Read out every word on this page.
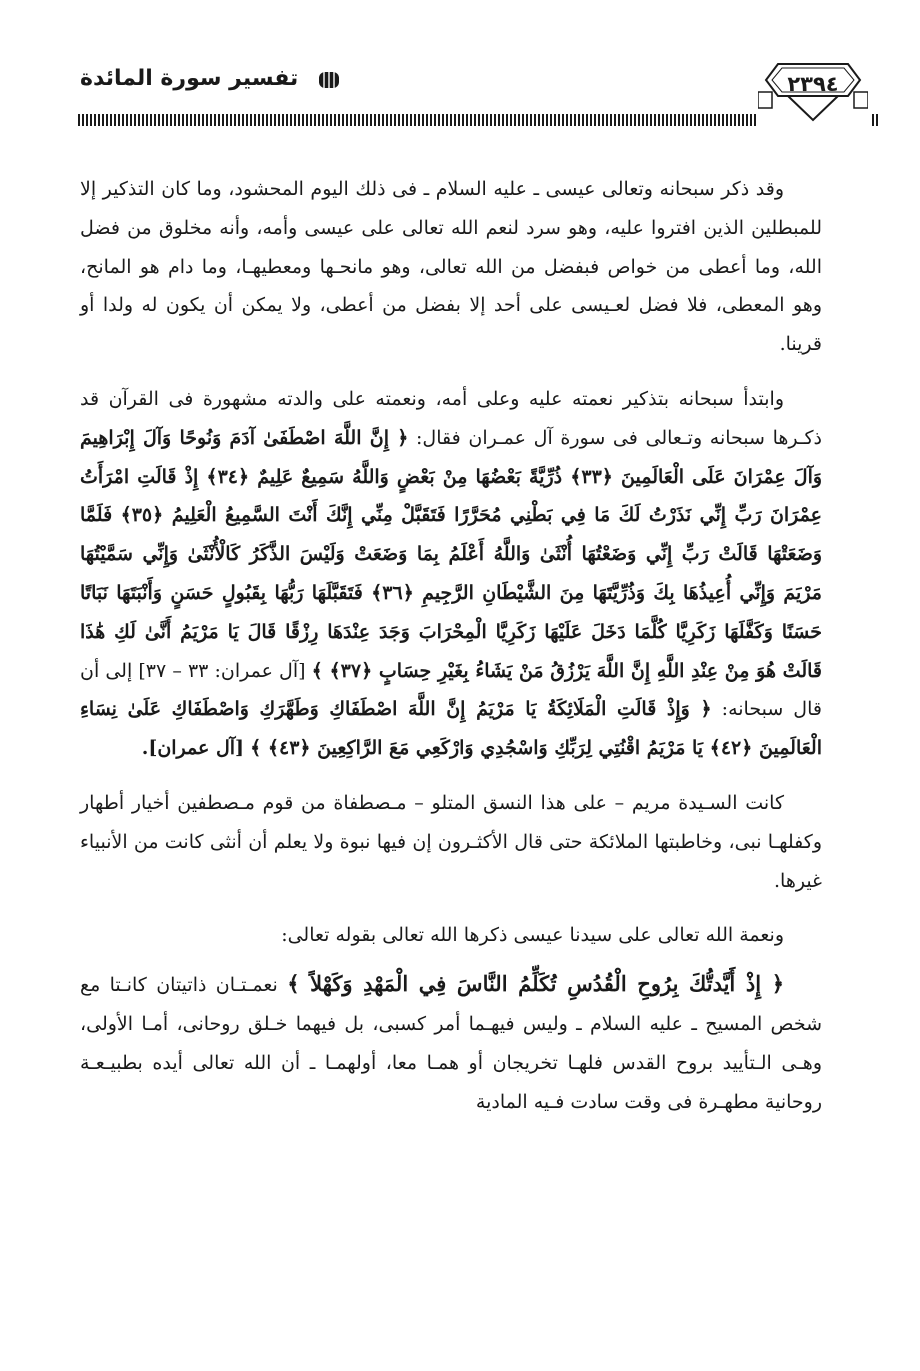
٢٣٩٤
تفسير سورة المائدة

وقد ذكر سبحانه وتعالى عيسى ـ عليه السلام ـ فى ذلك اليوم المحشود، وما كان التذكير إلا للمبطلين الذين افتروا عليه، وهو سرد لنعم الله تعالى على عيسى وأمه، وأنه مخلوق من فضل الله، وما أعطى من خواص فبفضل من الله تعالى، وهو مانحـها ومعطيهـا، وما دام هو المانح، وهو المعطى، فلا فضل لعـيسى على أحد إلا بفضل من أعطى، ولا يمكن أن يكون له ولدا أو قرينا.

وابتدأ سبحانه بتذكير نعمته عليه وعلى أمه، ونعمته على والدته مشهورة فى القرآن قد ذكـرها سبحانه وتـعالى فى سورة آل عمـران فقال: ﴿ إِنَّ اللَّهَ اصْطَفَىٰ آدَمَ وَنُوحًا وَآلَ إِبْرَاهِيمَ وَآلَ عِمْرَانَ عَلَى الْعَالَمِينَ ﴿٣٣﴾ ذُرِّيَّةً بَعْضُهَا مِنْ بَعْضٍ وَاللَّهُ سَمِيعٌ عَلِيمٌ ﴿٣٤﴾ إِذْ قَالَتِ امْرَأَتُ عِمْرَانَ رَبِّ إِنِّي نَذَرْتُ لَكَ مَا فِي بَطْنِي مُحَرَّرًا فَتَقَبَّلْ مِنِّي إِنَّكَ أَنْتَ السَّمِيعُ الْعَلِيمُ ﴿٣٥﴾ فَلَمَّا وَضَعَتْهَا قَالَتْ رَبِّ إِنِّي وَضَعْتُهَا أُنْثَىٰ وَاللَّهُ أَعْلَمُ بِمَا وَضَعَتْ وَلَيْسَ الذَّكَرُ كَالْأُنْثَىٰ وَإِنِّي سَمَّيْتُهَا مَرْيَمَ وَإِنِّي أُعِيذُهَا بِكَ وَذُرِّيَّتَهَا مِنَ الشَّيْطَانِ الرَّجِيمِ ﴿٣٦﴾ فَتَقَبَّلَهَا رَبُّهَا بِقَبُولٍ حَسَنٍ وَأَنْبَتَهَا نَبَاتًا حَسَنًا وَكَفَّلَهَا زَكَرِيَّا كُلَّمَا دَخَلَ عَلَيْهَا زَكَرِيَّا الْمِحْرَابَ وَجَدَ عِنْدَهَا رِزْقًا قَالَ يَا مَرْيَمُ أَنَّىٰ لَكِ هَٰذَا قَالَتْ هُوَ مِنْ عِنْدِ اللَّهِ إِنَّ اللَّهَ يَرْزُقُ مَنْ يَشَاءُ بِغَيْرِ حِسَابٍ ﴿٣٧﴾ ﴾ [آل عمران: ٣٣ – ٣٧] إلى أن قال سبحانه: ﴿ وَإِذْ قَالَتِ الْمَلَائِكَةُ يَا مَرْيَمُ إِنَّ اللَّهَ اصْطَفَاكِ وَطَهَّرَكِ وَاصْطَفَاكِ عَلَىٰ نِسَاءِ الْعَالَمِينَ ﴿٤٢﴾ يَا مَرْيَمُ اقْنُتِي لِرَبِّكِ وَاسْجُدِي وَارْكَعِي مَعَ الرَّاكِعِينَ ﴿٤٣﴾ ﴾ [آل عمران].

كانت السـيدة مريم – على هذا النسق المتلو – مـصطفاة من قوم مـصطفين أخيار أطهار وكفلهـا نبى، وخاطبتها الملائكة حتى قال الأكثـرون إن فيها نبوة ولا يعلم أن أنثى كانت من الأنبياء غيرها.

ونعمة الله تعالى على سيدنا عيسى ذكرها الله تعالى بقوله تعالى:

﴿ إِذْ أَيَّدتُّكَ بِرُوحِ الْقُدُسِ تُكَلِّمُ النَّاسَ فِي الْمَهْدِ وَكَهْلاً ﴾ نعمـتـان ذاتيتان كانـتا مع شخص المسيح ـ عليه السلام ـ وليس فيهـما أمر كسبى، بل فيهما خـلق روحانى، أمـا الأولى، وهـى الـتأييد بروح القدس فلهـا تخريجان أو همـا معا، أولهمـا ـ أن الله تعالى أيده بطبيـعـة روحانية مطهـرة فى وقت سادت فـيه المادية
